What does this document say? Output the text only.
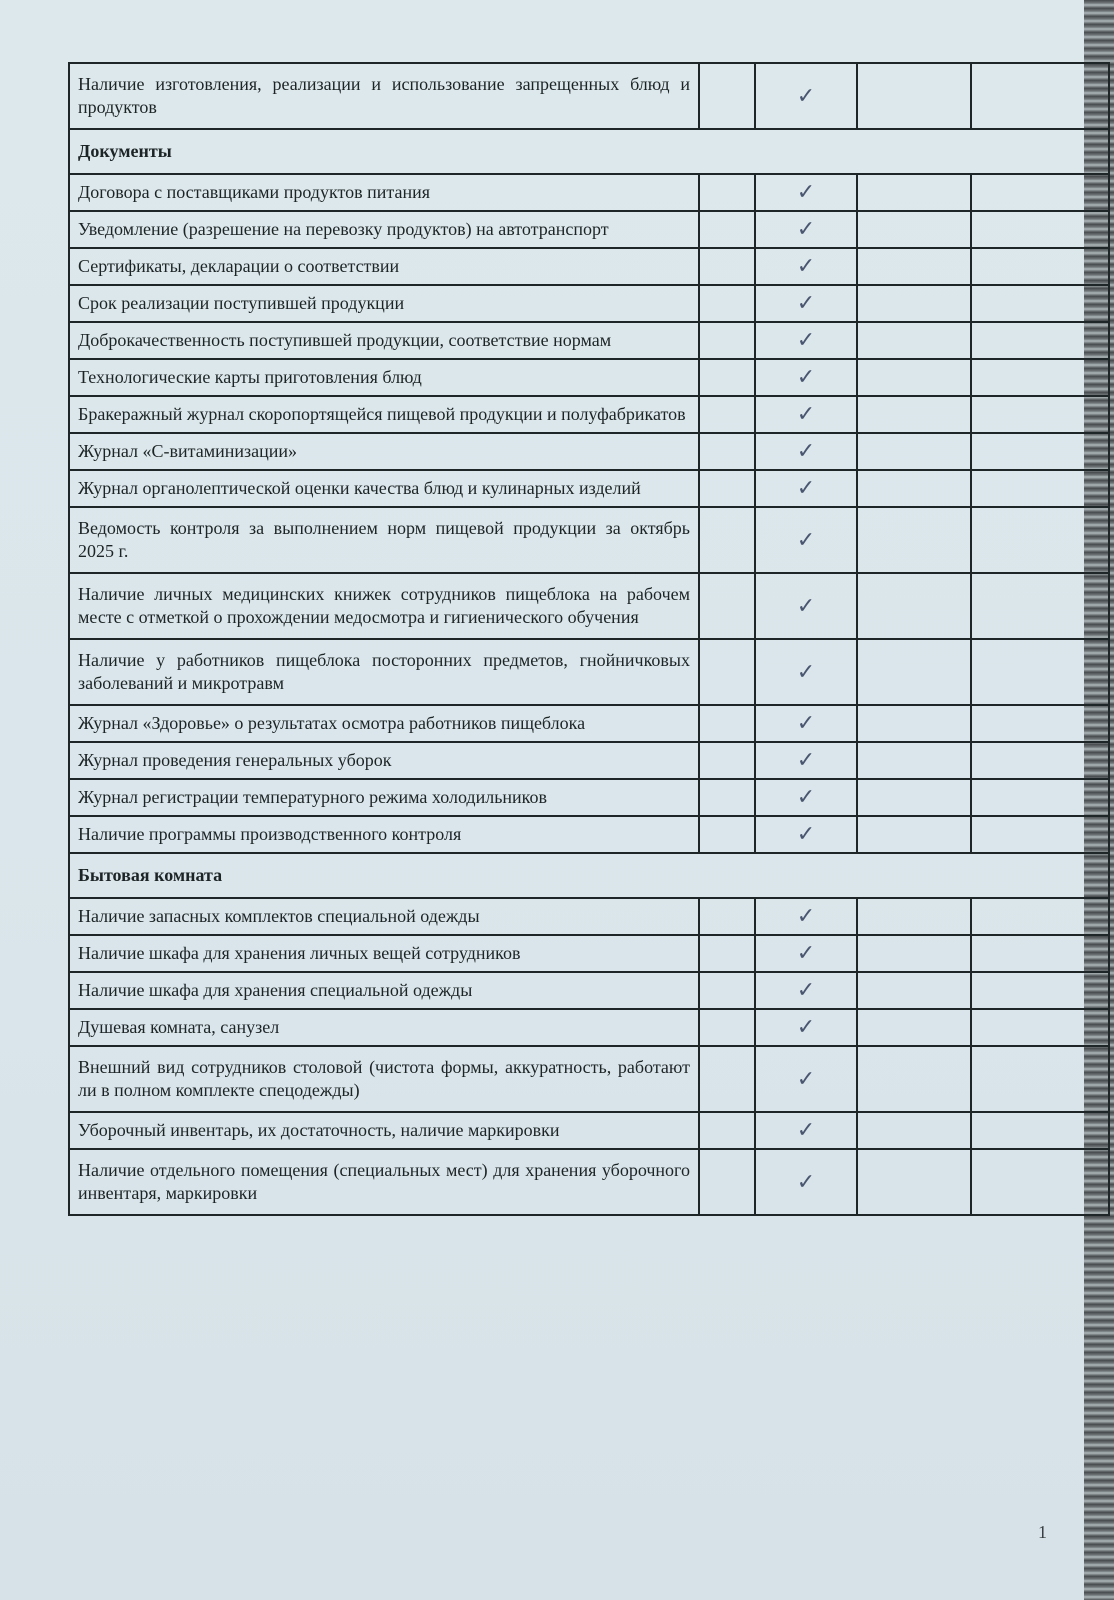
Наличие изготовления, реализации и использование запрещенных блюд и продуктов		✓		
Документы				
Договора с поставщиками продуктов питания		✓		
Уведомление (разрешение на перевозку продуктов) на автотранспорт		✓		
Сертификаты, декларации о соответствии		✓		
Срок реализации поступившей продукции		✓		
Доброкачественность поступившей продукции, соответствие нормам		✓		
Технологические карты приготовления блюд		✓		
Бракеражный журнал скоропортящейся пищевой продукции и полуфабрикатов		✓		
Журнал «С-витаминизации»		✓		
Журнал органолептической оценки качества блюд и кулинарных изделий		✓		
Ведомость контроля за выполнением норм пищевой продукции за октябрь 2025 г.		✓		
Наличие личных медицинских книжек сотрудников пищеблока на рабочем месте с отметкой о прохождении медосмотра и гигиенического обучения		✓		
Наличие у работников пищеблока посторонних предметов, гнойничковых заболеваний и микротравм		✓		
Журнал «Здоровье» о результатах осмотра работников пищеблока		✓		
Журнал проведения генеральных уборок		✓		
Журнал регистрации температурного режима холодильников		✓		
Наличие программы производственного контроля		✓		
Бытовая комната				
Наличие запасных комплектов специальной одежды		✓		
Наличие шкафа для хранения личных вещей сотрудников		✓		
Наличие шкафа для хранения специальной одежды		✓		
Душевая комната, санузел		✓		
Внешний вид сотрудников столовой (чистота формы, аккуратность, работают ли в полном комплекте спецодежды)		✓		
Уборочный инвентарь, их достаточность, наличие маркировки		✓		
Наличие отдельного помещения (специальных мест) для хранения уборочного инвентаря, маркировки		✓		
1
